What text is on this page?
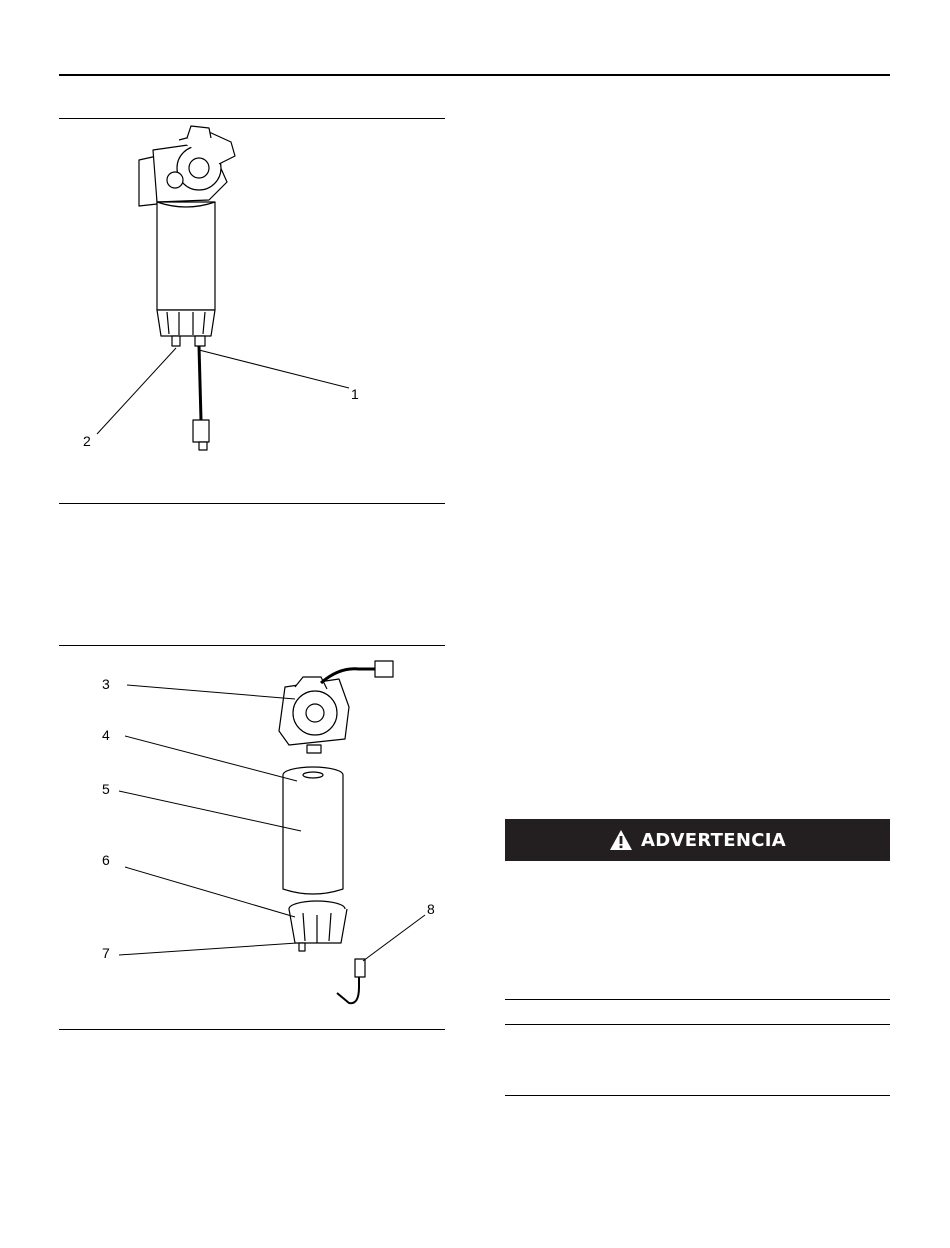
1
2
3
4
5
6
7
8
ADVERTENCIA
